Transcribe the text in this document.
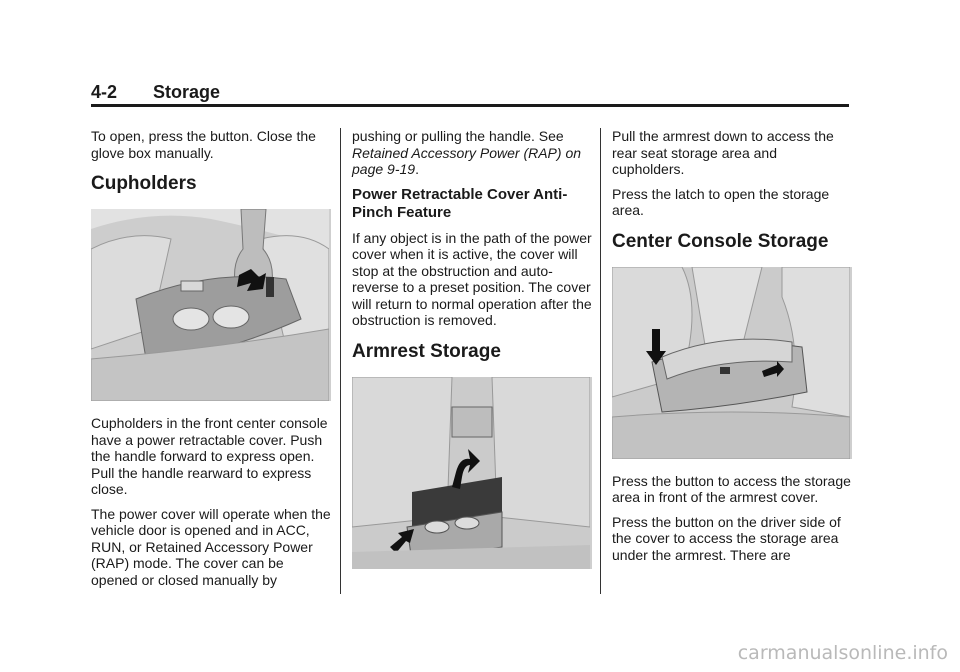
4-2 Storage

To open, press the button. Close the glove box manually.

Cupholders

Cupholders in the front center console have a power retractable cover. Push the handle forward to express open. Pull the handle rearward to express close.

The power cover will operate when the vehicle door is opened and in ACC, RUN, or Retained Accessory Power (RAP) mode. The cover can be opened or closed manually by

pushing or pulling the handle. See Retained Accessory Power (RAP) on page 9-19.

Power Retractable Cover Anti-Pinch Feature

If any object is in the path of the power cover when it is active, the cover will stop at the obstruction and auto-reverse to a preset position. The cover will return to normal operation after the obstruction is removed.

Armrest Storage

Pull the armrest down to access the rear seat storage area and cupholders.

Press the latch to open the storage area.

Center Console Storage

Press the button to access the storage area in front of the armrest cover.

Press the button on the driver side of the cover to access the storage area under the armrest. There are

carmanualsonline.info
